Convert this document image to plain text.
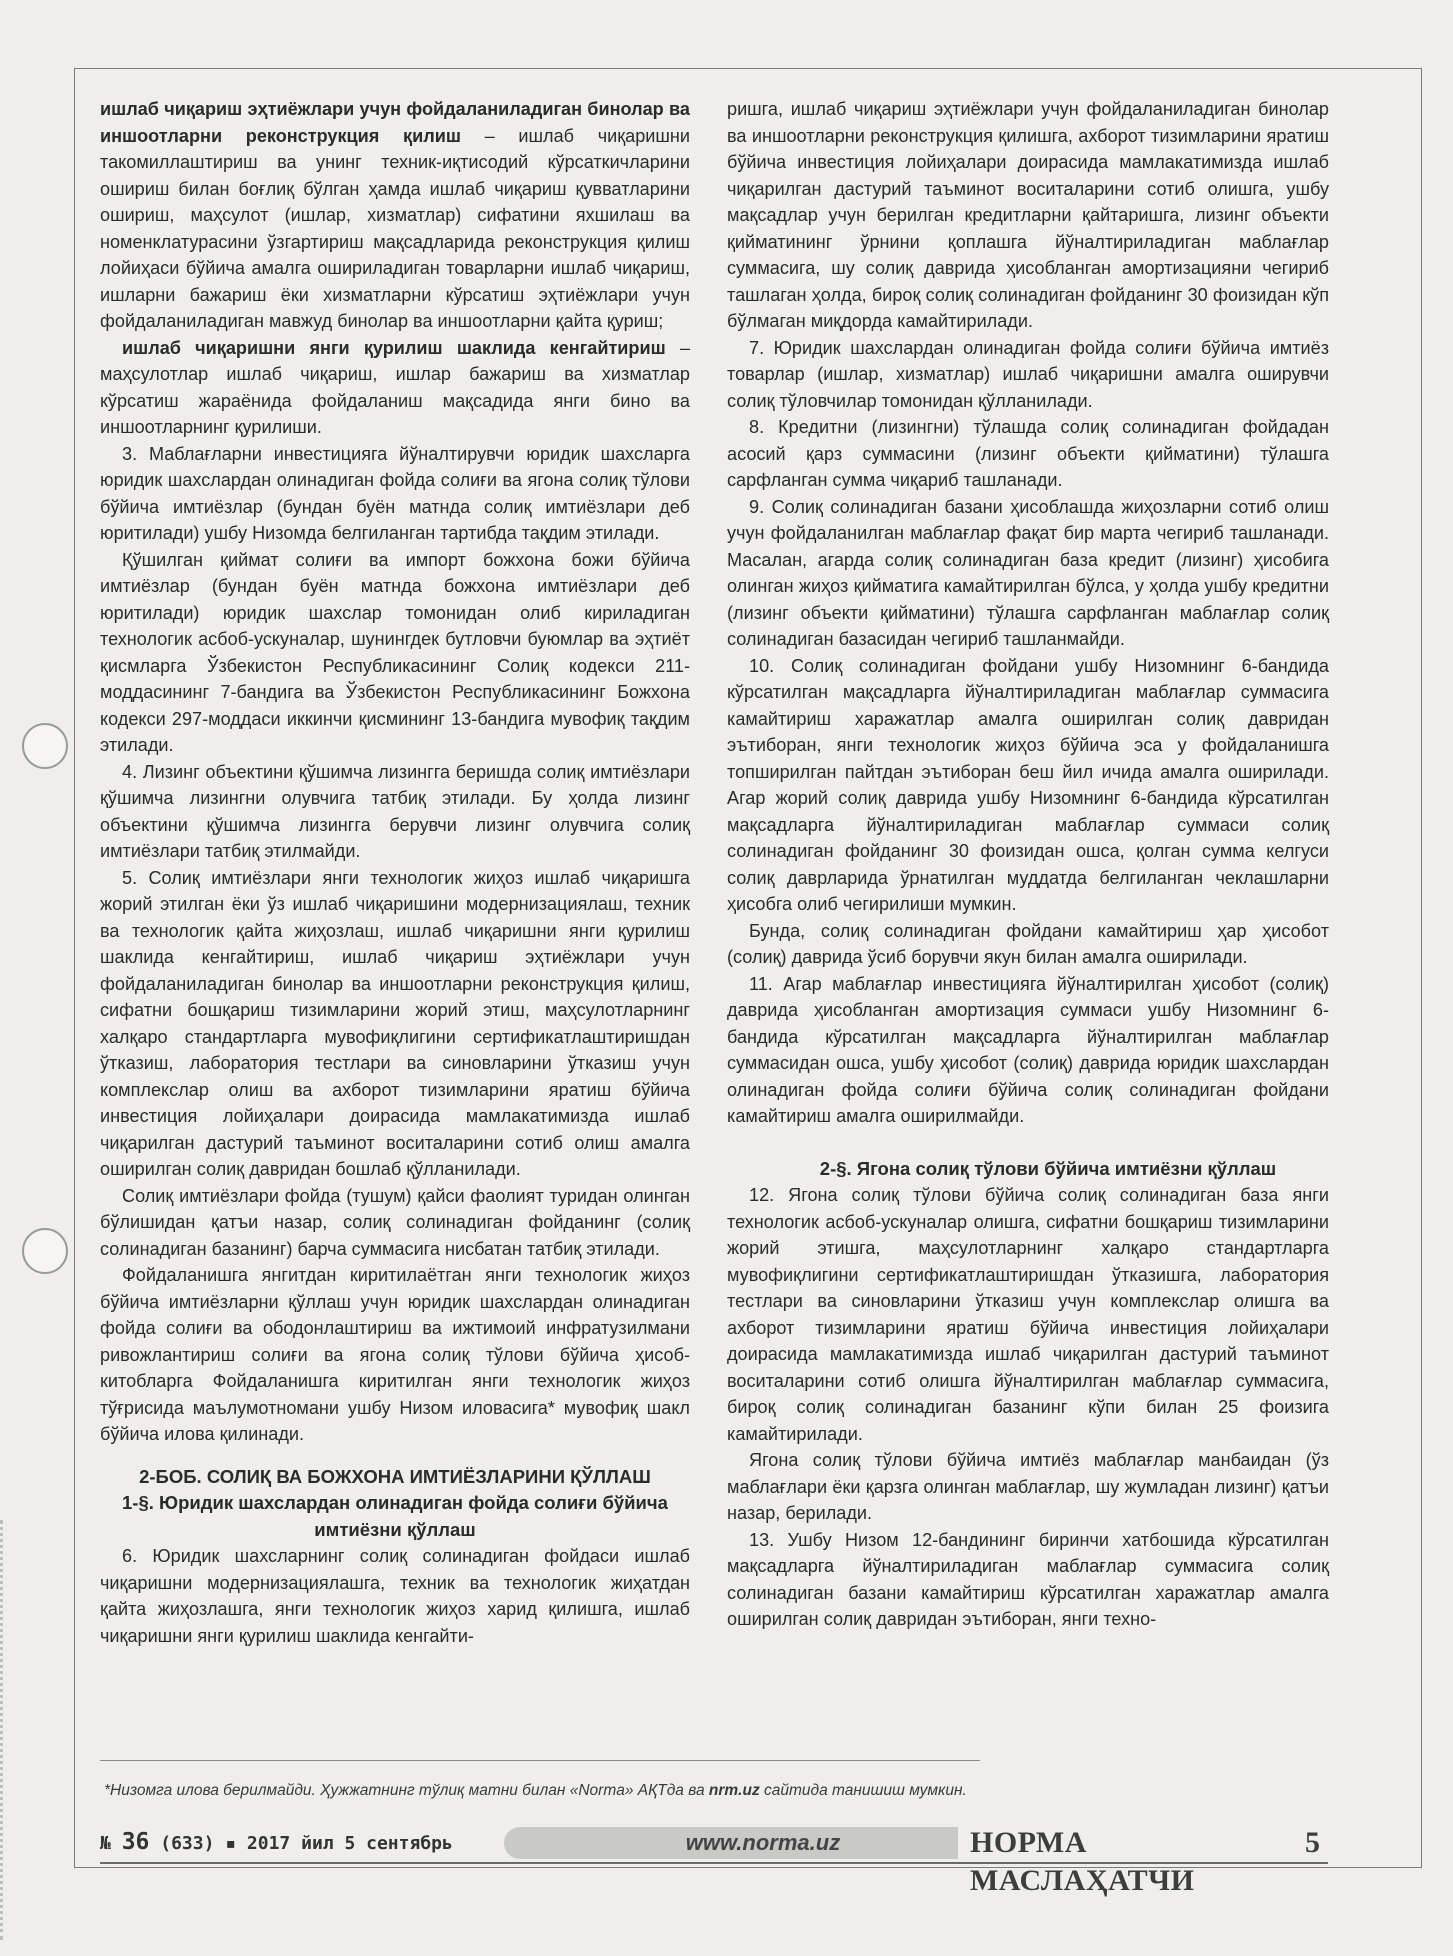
ишлаб чиқариш эҳтиёжлари учун фойдаланиладиган бинолар ва иншоотларни реконструкция қилиш – ишлаб чиқаришни такомиллаштириш ва унинг техник-иқтисодий кўрсаткичларини ошириш билан боғлиқ бўлган ҳамда ишлаб чиқариш қувватларини ошириш, маҳсулот (ишлар, хизматлар) сифатини яхшилаш ва номенклатурасини ўзгартириш мақсадларида реконструкция қилиш лойиҳаси бўйича амалга ошириладиган товарларни ишлаб чиқариш, ишларни бажариш ёки хизматларни кўрсатиш эҳтиёжлари учун фойдаланиладиган мавжуд бинолар ва иншоотларни қайта қуриш;

ишлаб чиқаришни янги қурилиш шаклида кенгайтириш – маҳсулотлар ишлаб чиқариш, ишлар бажариш ва хизматлар кўрсатиш жараёнида фойдаланиш мақсадида янги бино ва иншоотларнинг қурилиши.

3. Маблағларни инвестицияга йўналтирувчи юридик шахсларга юридик шахслардан олинадиган фойда солиғи ва ягона солиқ тўлови бўйича имтиёзлар (бундан буён матнда солиқ имтиёзлари деб юритилади) ушбу Низомда белгиланган тартибда тақдим этилади.

Қўшилган қиймат солиғи ва импорт божхона божи бўйича имтиёзлар (бундан буён матнда божхона имтиёзлари деб юритилади) юридик шахслар томонидан олиб кириладиган технологик асбоб-ускуналар, шунингдек бутловчи буюмлар ва эҳтиёт қисмларга Ўзбекистон Республикасининг Солиқ кодекси 211-моддасининг 7-бандига ва Ўзбекистон Республикасининг Божхона кодекси 297-моддаси иккинчи қисмининг 13-бандига мувофиқ тақдим этилади.

4. Лизинг объектини қўшимча лизингга беришда солиқ имтиёзлари қўшимча лизингни олувчига татбиқ этилади. Бу ҳолда лизинг объектини қўшимча лизингга берувчи лизинг олувчига солиқ имтиёзлари татбиқ этилмайди.

5. Солиқ имтиёзлари янги технологик жиҳоз ишлаб чиқаришга жорий этилган ёки ўз ишлаб чиқаришини модернизациялаш, техник ва технологик қайта жиҳозлаш, ишлаб чиқаришни янги қурилиш шаклида кенгайтириш, ишлаб чиқариш эҳтиёжлари учун фойдаланиладиган бинолар ва иншоотларни реконструкция қилиш, сифатни бошқариш тизимларини жорий этиш, маҳсулотларнинг халқаро стандартларга мувофиқлигини сертификатлаштиришдан ўтказиш, лаборатория тестлари ва синовларини ўтказиш учун комплекслар олиш ва ахборот тизимларини яратиш бўйича инвестиция лойиҳалари доирасида мамлакатимизда ишлаб чиқарилган дастурий таъминот воситаларини сотиб олиш амалга оширилган солиқ давридан бошлаб қўлланилади.

Солиқ имтиёзлари фойда (тушум) қайси фаолият туридан олинган бўлишидан қатъи назар, солиқ солинадиган фойданинг (солиқ солинадиган базанинг) барча суммасига нисбатан татбиқ этилади.

Фойдаланишга янгитдан киритилаётган янги технологик жиҳоз бўйича имтиёзларни қўллаш учун юридик шахслардан олинадиган фойда солиғи ва ободонлаштириш ва ижтимоий инфратузилмани ривожлантириш солиғи ва ягона солиқ тўлови бўйича ҳисоб-китобларга Фойдаланишга киритилган янги технологик жиҳоз тўғрисида маълумотномани ушбу Низом иловасига* мувофиқ шакл бўйича илова қилинади.

2-БОБ. СОЛИҚ ВА БОЖХОНА ИМТИЁЗЛАРИНИ ҚЎЛЛАШ
1-§. Юридик шахслардан олинадиган фойда солиғи бўйича имтиёзни қўллаш

6. Юридик шахсларнинг солиқ солинадиган фойдаси ишлаб чиқаришни модернизациялашга, техник ва технологик жиҳатдан қайта жиҳозлашга, янги технологик жиҳоз харид қилишга, ишлаб чиқаришни янги қурилиш шаклида кенгайти-

ришга, ишлаб чиқариш эҳтиёжлари учун фойдаланиладиган бинолар ва иншоотларни реконструкция қилишга, ахборот тизимларини яратиш бўйича инвестиция лойиҳалари доирасида мамлакатимизда ишлаб чиқарилган дастурий таъминот воситаларини сотиб олишга, ушбу мақсадлар учун берилган кредитларни қайтаришга, лизинг объекти қийматининг ўрнини қоплашга йўналтириладиган маблағлар суммасига, шу солиқ даврида ҳисобланган амортизацияни чегириб ташлаган ҳолда, бироқ солиқ солинадиган фойданинг 30 фоизидан кўп бўлмаган миқдорда камайтирилади.

7. Юридик шахслардан олинадиган фойда солиғи бўйича имтиёз товарлар (ишлар, хизматлар) ишлаб чиқаришни амалга оширувчи солиқ тўловчилар томонидан қўлланилади.

8. Кредитни (лизингни) тўлашда солиқ солинадиган фойдадан асосий қарз суммасини (лизинг объекти қийматини) тўлашга сарфланган сумма чиқариб ташланади.

9. Солиқ солинадиган базани ҳисоблашда жиҳозларни сотиб олиш учун фойдаланилган маблағлар фақат бир марта чегириб ташланади. Масалан, агарда солиқ солинадиган база кредит (лизинг) ҳисобига олинган жиҳоз қийматига камайтирилган бўлса, у ҳолда ушбу кредитни (лизинг объекти қийматини) тўлашга сарфланган маблағлар солиқ солинадиган базасидан чегириб ташланмайди.

10. Солиқ солинадиган фойдани ушбу Низомнинг 6-бандида кўрсатилган мақсадларга йўналтириладиган маблағлар суммасига камайтириш харажатлар амалга оширилган солиқ давридан эътиборан, янги технологик жиҳоз бўйича эса у фойдаланишга топширилган пайтдан эътиборан беш йил ичида амалга оширилади. Агар жорий солиқ даврида ушбу Низомнинг 6-бандида кўрсатилган мақсадларга йўналтириладиган маблағлар суммаси солиқ солинадиган фойданинг 30 фоизидан ошса, қолган сумма келгуси солиқ даврларида ўрнатилган муддатда белгиланган чеклашларни ҳисобга олиб чегирилиши мумкин.

Бунда, солиқ солинадиган фойдани камайтириш ҳар ҳисобот (солиқ) даврида ўсиб борувчи якун билан амалга оширилади.

11. Агар маблағлар инвестицияга йўналтирилган ҳисобот (солиқ) даврида ҳисобланган амортизация суммаси ушбу Низомнинг 6-бандида кўрсатилган мақсадларга йўналтирилган маблағлар суммасидан ошса, ушбу ҳисобот (солиқ) даврида юридик шахслардан олинадиган фойда солиғи бўйича солиқ солинадиган фойдани камайтириш амалга оширилмайди.

2-§. Ягона солиқ тўлови бўйича имтиёзни қўллаш

12. Ягона солиқ тўлови бўйича солиқ солинадиган база янги технологик асбоб-ускуналар олишга, сифатни бошқариш тизимларини жорий этишга, маҳсулотларнинг халқаро стандартларга мувофиқлигини сертификатлаштиришдан ўтказишга, лаборатория тестлари ва синовларини ўтказиш учун комплекслар олишга ва ахборот тизимларини яратиш бўйича инвестиция лойиҳалари доирасида мамлакатимизда ишлаб чиқарилган дастурий таъминот воситаларини сотиб олишга йўналтирилган маблағлар суммасига, бироқ солиқ солинадиган базанинг кўпи билан 25 фоизига камайтирилади.

Ягона солиқ тўлови бўйича имтиёз маблағлар манбаидан (ўз маблағлари ёки қарзга олинган маблағлар, шу жумладан лизинг) қатъи назар, берилади.

13. Ушбу Низом 12-бандининг биринчи хатбошида кўрсатилган мақсадларга йўналтириладиган маблағлар суммасига солиқ солинадиган базани камайтириш кўрсатилган харажатлар амалга оширилган солиқ давридан эътиборан, янги техно-

*Низомга илова берилмайди. Ҳужжатнинг тўлиқ матни билан «Norma» АҚТда ва nrm.uz сайтида танишиш мумкин.
№ 36 (633) ▪ 2017 йил 5 сентябрь	www.norma.uz	НОРМА МАСЛАҲАТЧИ
5
